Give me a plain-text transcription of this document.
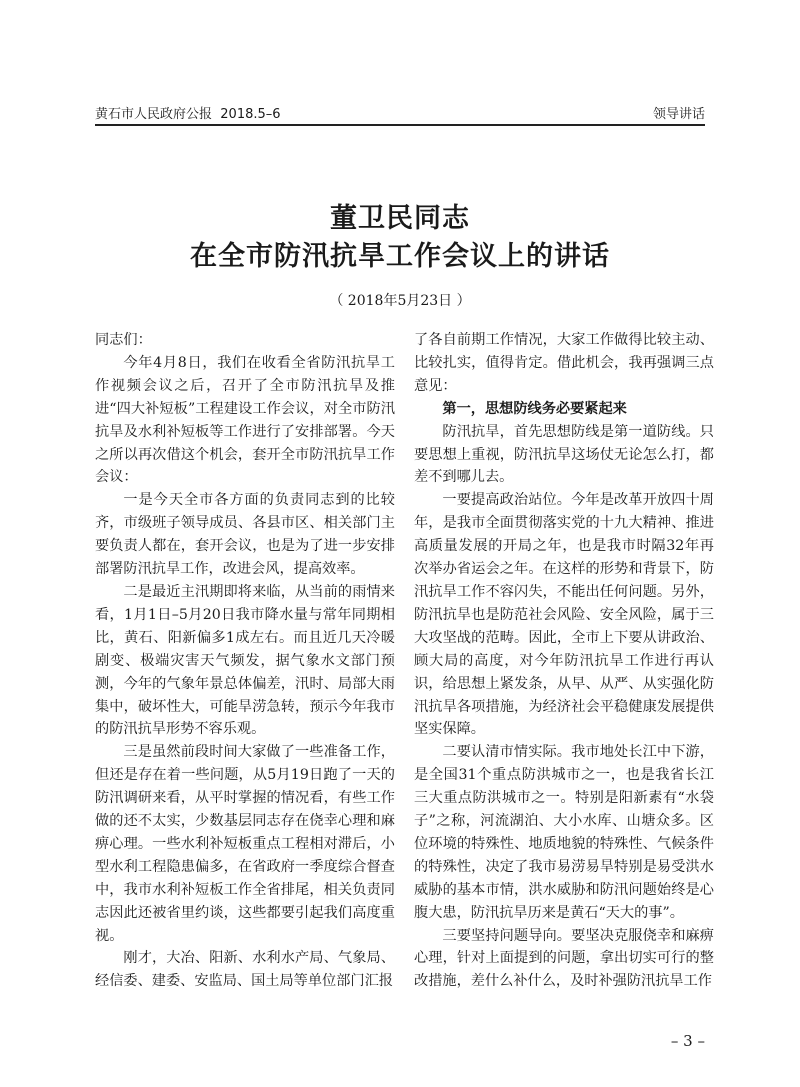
黄石市人民政府公报 2018.5–6	领导讲话
董卫民同志
在全市防汛抗旱工作会议上的讲话
（ 2018年5月23日 ）

同志们：

今年4月8日，我们在收看全省防汛抗旱工作视频会议之后，召开了全市防汛抗旱及推进“四大补短板”工程建设工作会议，对全市防汛抗旱及水利补短板等工作进行了安排部署。今天之所以再次借这个机会，套开全市防汛抗旱工作会议：

一是今天全市各方面的负责同志到的比较齐，市级班子领导成员、各县市区、相关部门主要负责人都在，套开会议，也是为了进一步安排部署防汛抗旱工作，改进会风，提高效率。

二是最近主汛期即将来临，从当前的雨情来看，1月1日–5月20日我市降水量与常年同期相比，黄石、阳新偏多1成左右。而且近几天冷暖剧变、极端灾害天气频发，据气象水文部门预测，今年的气象年景总体偏差，汛时、局部大雨集中，破坏性大，可能旱涝急转，预示今年我市的防汛抗旱形势不容乐观。

三是虽然前段时间大家做了一些准备工作，但还是存在着一些问题，从5月19日跑了一天的防汛调研来看，从平时掌握的情况看，有些工作做的还不太实，少数基层同志存在侥幸心理和麻痹心理。一些水利补短板重点工程相对滞后，小型水利工程隐患偏多，在省政府一季度综合督查中，我市水利补短板工作全省排尾，相关负责同志因此还被省里约谈，这些都要引起我们高度重视。

刚才，大冶、阳新、水利水产局、气象局、经信委、建委、安监局、国土局等单位部门汇报

了各自前期工作情况，大家工作做得比较主动、比较扎实，值得肯定。借此机会，我再强调三点意见：

第一，思想防线务必要紧起来

防汛抗旱，首先思想防线是第一道防线。只要思想上重视，防汛抗旱这场仗无论怎么打，都差不到哪儿去。

一要提高政治站位。今年是改革开放四十周年，是我市全面贯彻落实党的十九大精神、推进高质量发展的开局之年，也是我市时隔32年再次举办省运会之年。在这样的形势和背景下，防汛抗旱工作不容闪失，不能出任何问题。另外，防汛抗旱也是防范社会风险、安全风险，属于三大攻坚战的范畴。因此，全市上下要从讲政治、顾大局的高度，对今年防汛抗旱工作进行再认识，给思想上紧发条，从早、从严、从实强化防汛抗旱各项措施，为经济社会平稳健康发展提供坚实保障。

二要认清市情实际。我市地处长江中下游，是全国31个重点防洪城市之一，也是我省长江三大重点防洪城市之一。特别是阳新素有“水袋子”之称，河流湖泊、大小水库、山塘众多。区位环境的特殊性、地质地貌的特殊性、气候条件的特殊性，决定了我市易涝易旱特别是易受洪水威胁的基本市情，洪水威胁和防汛问题始终是心腹大患，防汛抗旱历来是黄石“天大的事”。

三要坚持问题导向。要坚决克服侥幸和麻痹心理，针对上面提到的问题，拿出切实可行的整改措施，差什么补什么，及时补强防汛抗旱工作

– 3 –
